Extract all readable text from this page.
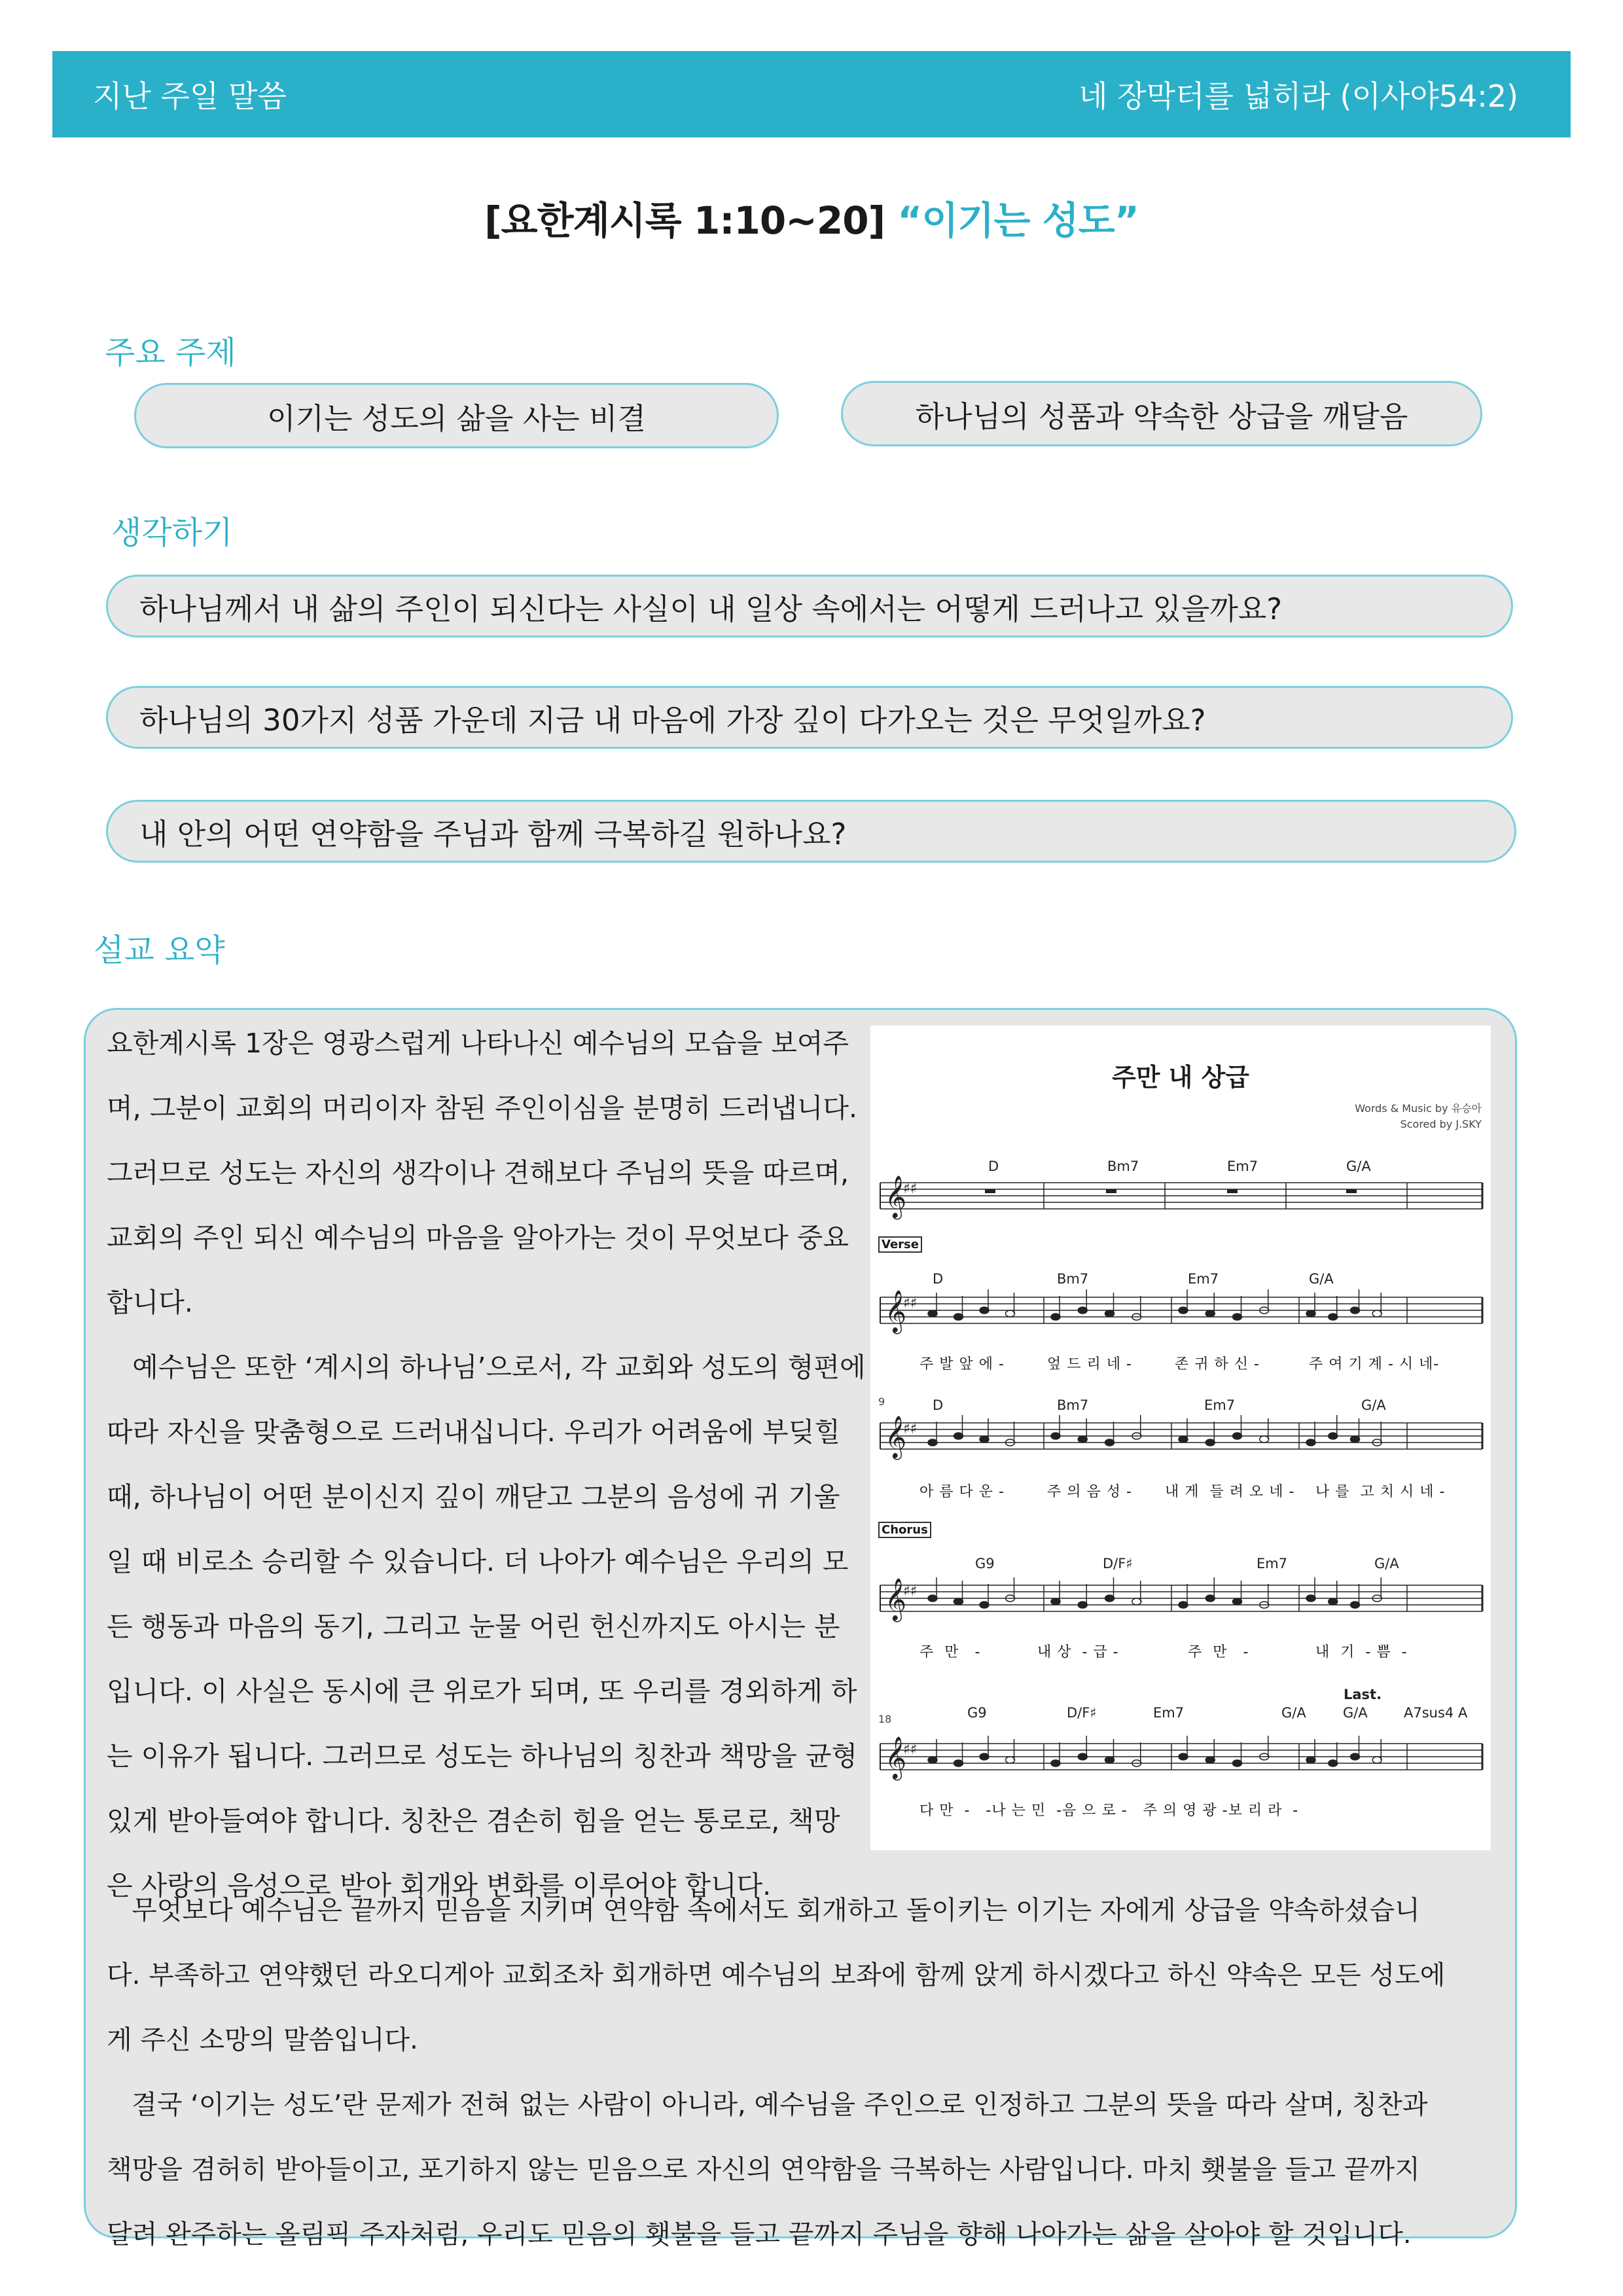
지난 주일 말씀	네 장막터를 넓히라 (이사야54:2)
[요한계시록 1:10~20] “이기는 성도”
주요 주제
이기는 성도의 삶을 사는 비결	하나님의 성품과 약속한 상급을 깨달음
생각하기
하나님께서 내 삶의 주인이 되신다는 사실이 내 일상 속에서는 어떻게 드러나고 있을까요?
하나님의 30가지 성품 가운데 지금 내 마음에 가장 깊이 다가오는 것은 무엇일까요?
내 안의 어떤 연약함을 주님과 함께 극복하길 원하나요?
설교 요약

요한계시록 1장은 영광스럽게 나타나신 예수님의 모습을 보여주

며, 그분이 교회의 머리이자 참된 주인이심을 분명히 드러냅니다.

그러므로 성도는 자신의 생각이나 견해보다 주님의 뜻을 따르며,

교회의 주인 되신 예수님의 마음을 알아가는 것이 무엇보다 중요

합니다.

예수님은 또한 ‘계시의 하나님’으로서, 각 교회와 성도의 형편에

따라 자신을 맞춤형으로 드러내십니다. 우리가 어려움에 부딪힐

때, 하나님이 어떤 분이신지 깊이 깨닫고 그분의 음성에 귀 기울

일 때 비로소 승리할 수 있습니다. 더 나아가 예수님은 우리의 모

든 행동과 마음의 동기, 그리고 눈물 어린 헌신까지도 아시는 분

입니다. 이 사실은 동시에 큰 위로가 되며, 또 우리를 경외하게 하

는 이유가 됩니다. 그러므로 성도는 하나님의 칭찬과 책망을 균형

있게 받아들여야 합니다. 칭찬은 겸손히 힘을 얻는 통로로, 책망

은 사랑의 음성으로 받아 회개와 변화를 이루어야 합니다.

무엇보다 예수님은 끝까지 믿음을 지키며 연약함 속에서도 회개하고 돌이키는 이기는 자에게 상급을 약속하셨습니

다. 부족하고 연약했던 라오디게아 교회조차 회개하면 예수님의 보좌에 함께 앉게 하시겠다고 하신 약속은 모든 성도에

게 주신 소망의 말씀입니다.

결국 ‘이기는 성도’란 문제가 전혀 없는 사람이 아니라, 예수님을 주인으로 인정하고 그분의 뜻을 따라 살며, 칭찬과

책망을 겸허히 받아들이고, 포기하지 않는 믿음으로 자신의 연약함을 극복하는 사람입니다. 마치 횃불을 들고 끝까지

달려 완주하는 올림픽 주자처럼, 우리도 믿음의 횃불을 들고 끝까지 주님을 향해 나아가는 삶을 살아야 할 것입니다.

𝄞
♯♯
𝄞
♯♯
𝄞
♯♯
𝄞
♯♯
𝄞
♯♯
주만 내 상급
Words & Music by 유승아
Scored by J.SKY
D	Bm7	Em7	G/A
Verse
D	Bm7	Em7	G/A
주 발 앞 에 -	엎 드 리 네 -	존 귀 하 신 -	주 여 기 계 - 시 네-
9	D	Bm7	Em7	G/A
아 름 다 운 -	주 의 음 성 - 내 게  들 려 오 네 - 나 를  고 치 시 네 -
Chorus
G9	D/F♯	Em7	G/A
주  만   -	내 상  - 급 -	주  만   -	내  기  - 쁨  -
18
Last.
G9	D/F♯	Em7	G/A	G/A	A7sus4 A
다 만  -   -나 는 민  -음 으 로 -   주 의 영 광 -보 리 라  -
